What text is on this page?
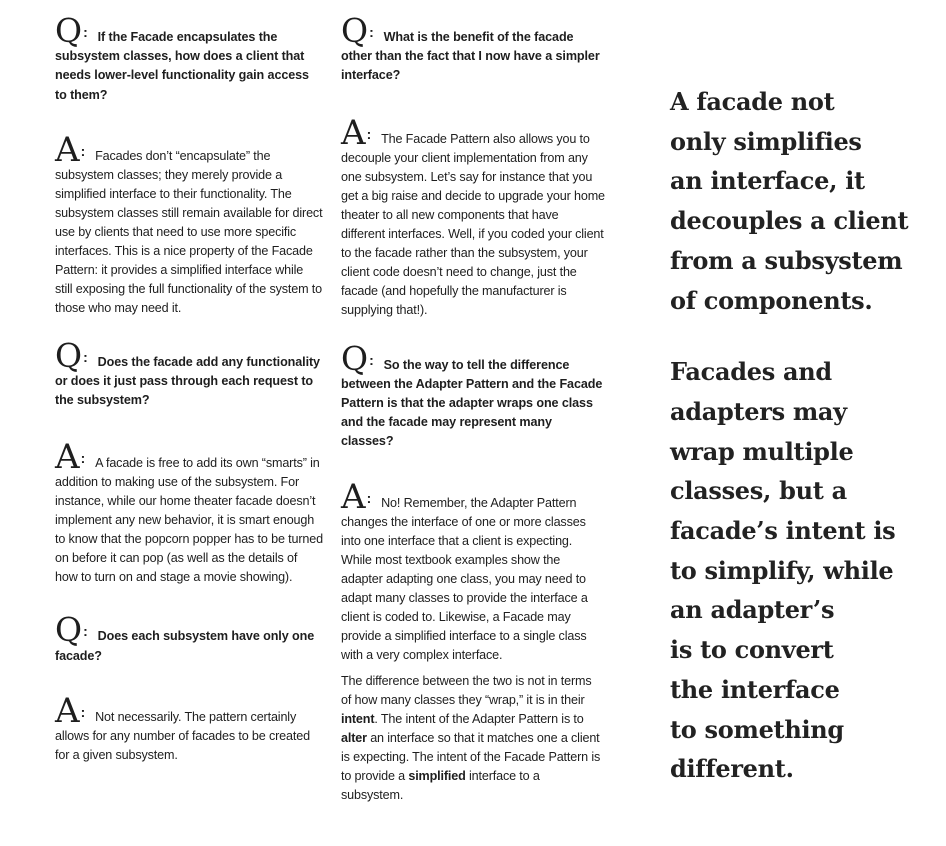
Q : If the Facade encapsulates the subsystem classes, how does a client that needs lower-level functionality gain access to them?
A : Facades don’t “encapsulate” the subsystem classes; they merely provide a simplified interface to their functionality. The subsystem classes still remain available for direct use by clients that need to use more specific interfaces. This is a nice property of the Facade Pattern: it provides a simplified interface while still exposing the full functionality of the system to those who may need it.
Q : Does the facade add any functionality or does it just pass through each request to the subsystem?
A : A facade is free to add its own “smarts” in addition to making use of the subsystem. For instance, while our home theater facade doesn’t implement any new behavior, it is smart enough to know that the popcorn popper has to be turned on before it can pop (as well as the details of how to turn on and stage a movie showing).
Q : Does each subsystem have only one facade?
A : Not necessarily. The pattern certainly allows for any number of facades to be created for a given subsystem.
Q : What is the benefit of the facade other than the fact that I now have a simpler interface?
A : The Facade Pattern also allows you to decouple your client implementation from any one subsystem. Let’s say for instance that you get a big raise and decide to upgrade your home theater to all new components that have different interfaces. Well, if you coded your client to the facade rather than the subsystem, your client code doesn’t need to change, just the facade (and hopefully the manufacturer is supplying that!).
Q : So the way to tell the difference between the Adapter Pattern and the Facade Pattern is that the adapter wraps one class and the facade may represent many classes?
A : No! Remember, the Adapter Pattern changes the interface of one or more classes into one interface that a client is expecting. While most textbook examples show the adapter adapting one class, you may need to adapt many classes to provide the interface a client is coded to. Likewise, a Facade may provide a simplified interface to a single class with a very complex interface.

The difference between the two is not in terms of how many classes they “wrap,” it is in their intent. The intent of the Adapter Pattern is to alter an interface so that it matches one a client is expecting. The intent of the Facade Pattern is to provide a simplified interface to a subsystem.

A facade not
only simplifies
an interface, it
decouples a client
from a subsystem
of components.
Facades and
adapters may
wrap multiple
classes, but a
facade’s intent is
to simplify, while
an adapter’s
is to convert
the interface
to something
different.
